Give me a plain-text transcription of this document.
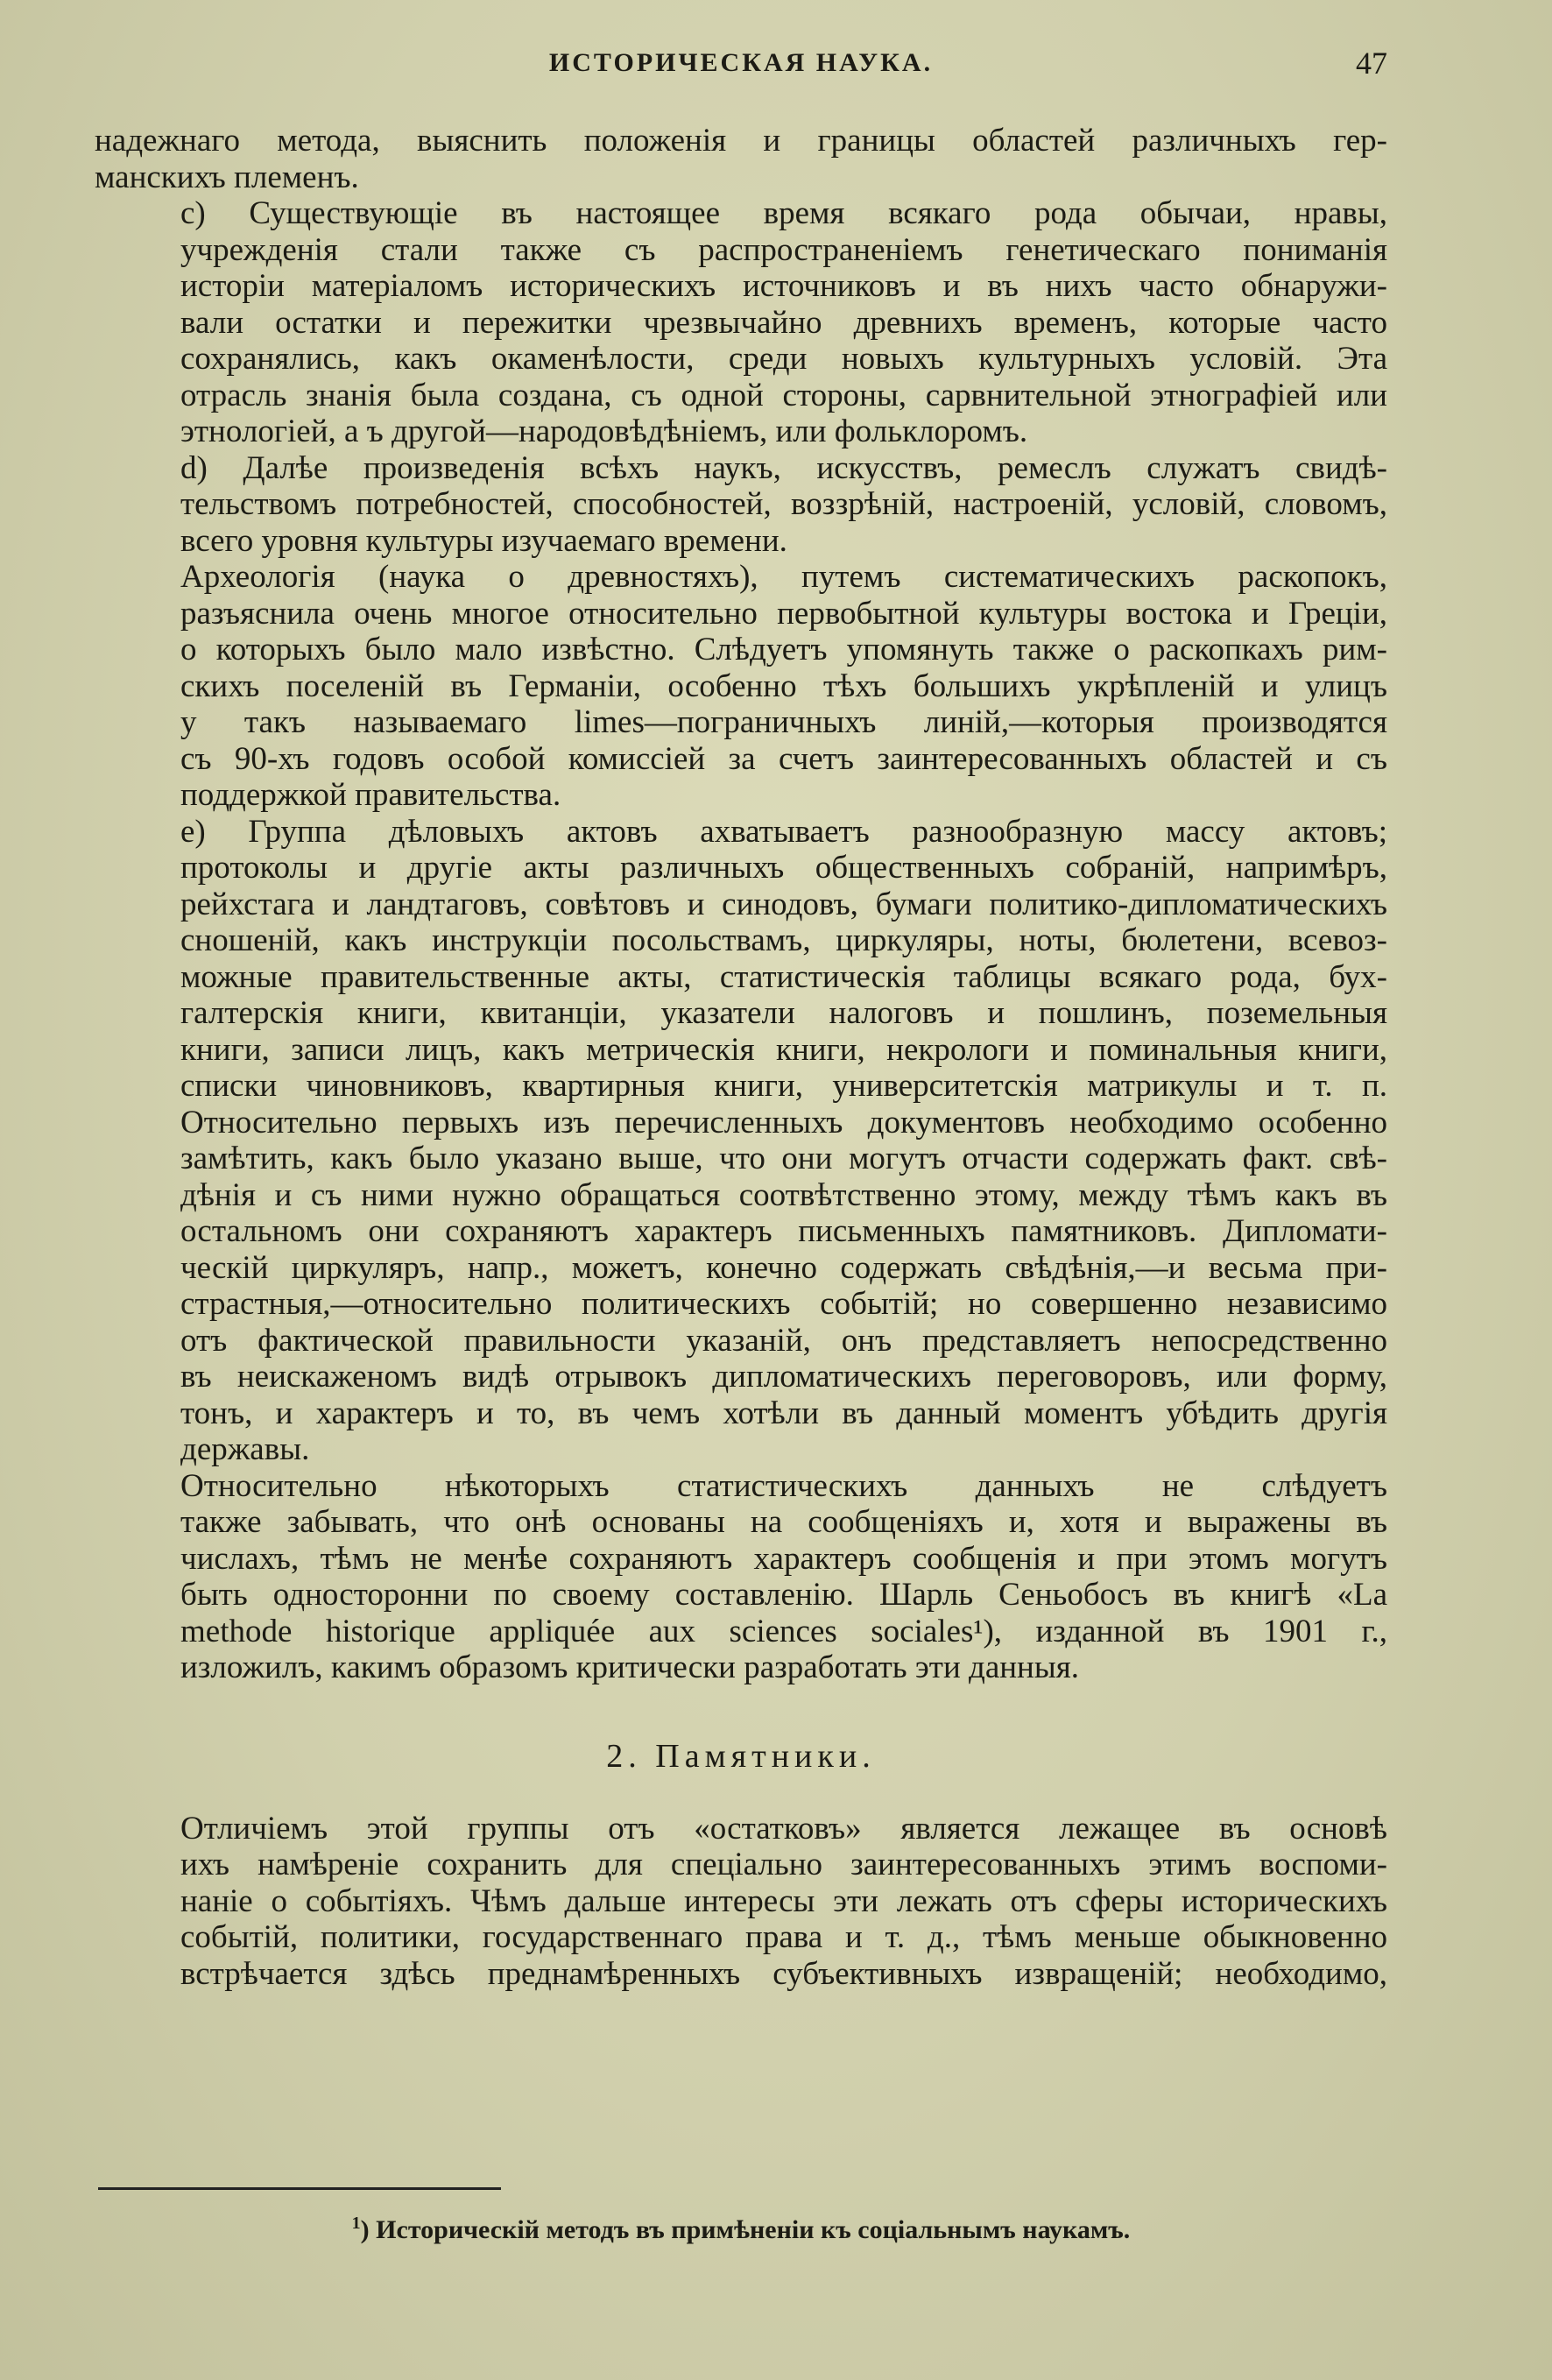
ИСТОРИЧЕСКАЯ НАУКА.	47

надежнаго метода, выяснить положенія и границы областей различныхъ гер-
манскихъ племенъ.

c) Существующіе въ настоящее время всякаго рода обычаи, нравы,
учрежденія стали также съ распространеніемъ генетическаго пониманія
исторіи матеріаломъ историческихъ источниковъ и въ нихъ часто обнаружи-
вали остатки и пережитки чрезвычайно древнихъ временъ, которые часто
сохранялись, какъ окаменѣлости, среди новыхъ культурныхъ условій. Эта
отрасль знанія была создана, съ одной стороны, сарвнительной этнографіей или
этнологіей, а ъ другой—народовѣдѣніемъ, или фольклоромъ.

d) Далѣе произведенія всѣхъ наукъ, искусствъ, ремеслъ служатъ свидѣ-
тельствомъ потребностей, способностей, воззрѣній, настроеній, условій, словомъ,
всего уровня культуры изучаемаго времени.

Археологія (наука о древностяхъ), путемъ систематическихъ раскопокъ,
разъяснила очень многое относительно первобытной культуры востока и Греціи,
о которыхъ было мало извѣстно. Слѣдуетъ упомянуть также о раскопкахъ рим-
скихъ поселеній въ Германіи, особенно тѣхъ большихъ укрѣпленій и улицъ
у такъ называемаго limes—пограничныхъ линій,—которыя производятся
съ 90-хъ годовъ особой комиссіей за счетъ заинтересованныхъ областей и съ
поддержкой правительства.

e) Группа дѣловыхъ актовъ ахватываетъ разнообразную массу актовъ;
протоколы и другіе акты различныхъ общественныхъ собраній, напримѣръ,
рейхстага и ландтаговъ, совѣтовъ и синодовъ, бумаги политико-дипломатическихъ
сношеній, какъ инструкціи посольствамъ, циркуляры, ноты, бюлетени, всевоз-
можные правительственные акты, статистическія таблицы всякаго рода, бух-
галтерскія книги, квитанціи, указатели налоговъ и пошлинъ, поземельныя
книги, записи лицъ, какъ метрическія книги, некрологи и поминальныя книги,
списки чиновниковъ, квартирныя книги, университетскія матрикулы и т. п.
Относительно первыхъ изъ перечисленныхъ документовъ необходимо особенно
замѣтить, какъ было указано выше, что они могутъ отчасти содержать факт. свѣ-
дѣнія и съ ними нужно обращаться соотвѣтственно этому, между тѣмъ какъ въ
остальномъ они сохраняютъ характеръ письменныхъ памятниковъ. Дипломати-
ческій циркуляръ, напр., можетъ, конечно содержать свѣдѣнія,—и весьма при-
страстныя,—относительно политическихъ событій; но совершенно независимо
отъ фактической правильности указаній, онъ представляетъ непосредственно
въ неискаженомъ видѣ отрывокъ дипломатическихъ переговоровъ, или форму,
тонъ, и характеръ и то, въ чемъ хотѣли въ данный моментъ убѣдить другія
державы.

Относительно нѣкоторыхъ статистическихъ данныхъ не слѣдуетъ
также забывать, что онѣ основаны на сообщеніяхъ и, хотя и выражены въ
числахъ, тѣмъ не менѣе сохраняютъ характеръ сообщенія и при этомъ могутъ
быть односторонни по своему составленію. Шарль Сеньобосъ въ книгѣ «La
methode historique appliquée aux sciences sociales¹), изданной въ 1901 г.,
изложилъ, какимъ образомъ критически разработать эти данныя.

2. Памятники.

Отличіемъ этой группы отъ «остатковъ» является лежащее въ основѣ
ихъ намѣреніе сохранить для спеціально заинтересованныхъ этимъ воспоми-
наніе о событіяхъ. Чѣмъ дальше интересы эти лежать отъ сферы историческихъ
событій, политики, государственнаго права и т. д., тѣмъ меньше обыкновенно
встрѣчается здѣсь преднамѣренныхъ субъективныхъ извращеній; необходимо,

$^1$) Историческій методъ въ примѣненіи къ соціальнымъ наукамъ.
